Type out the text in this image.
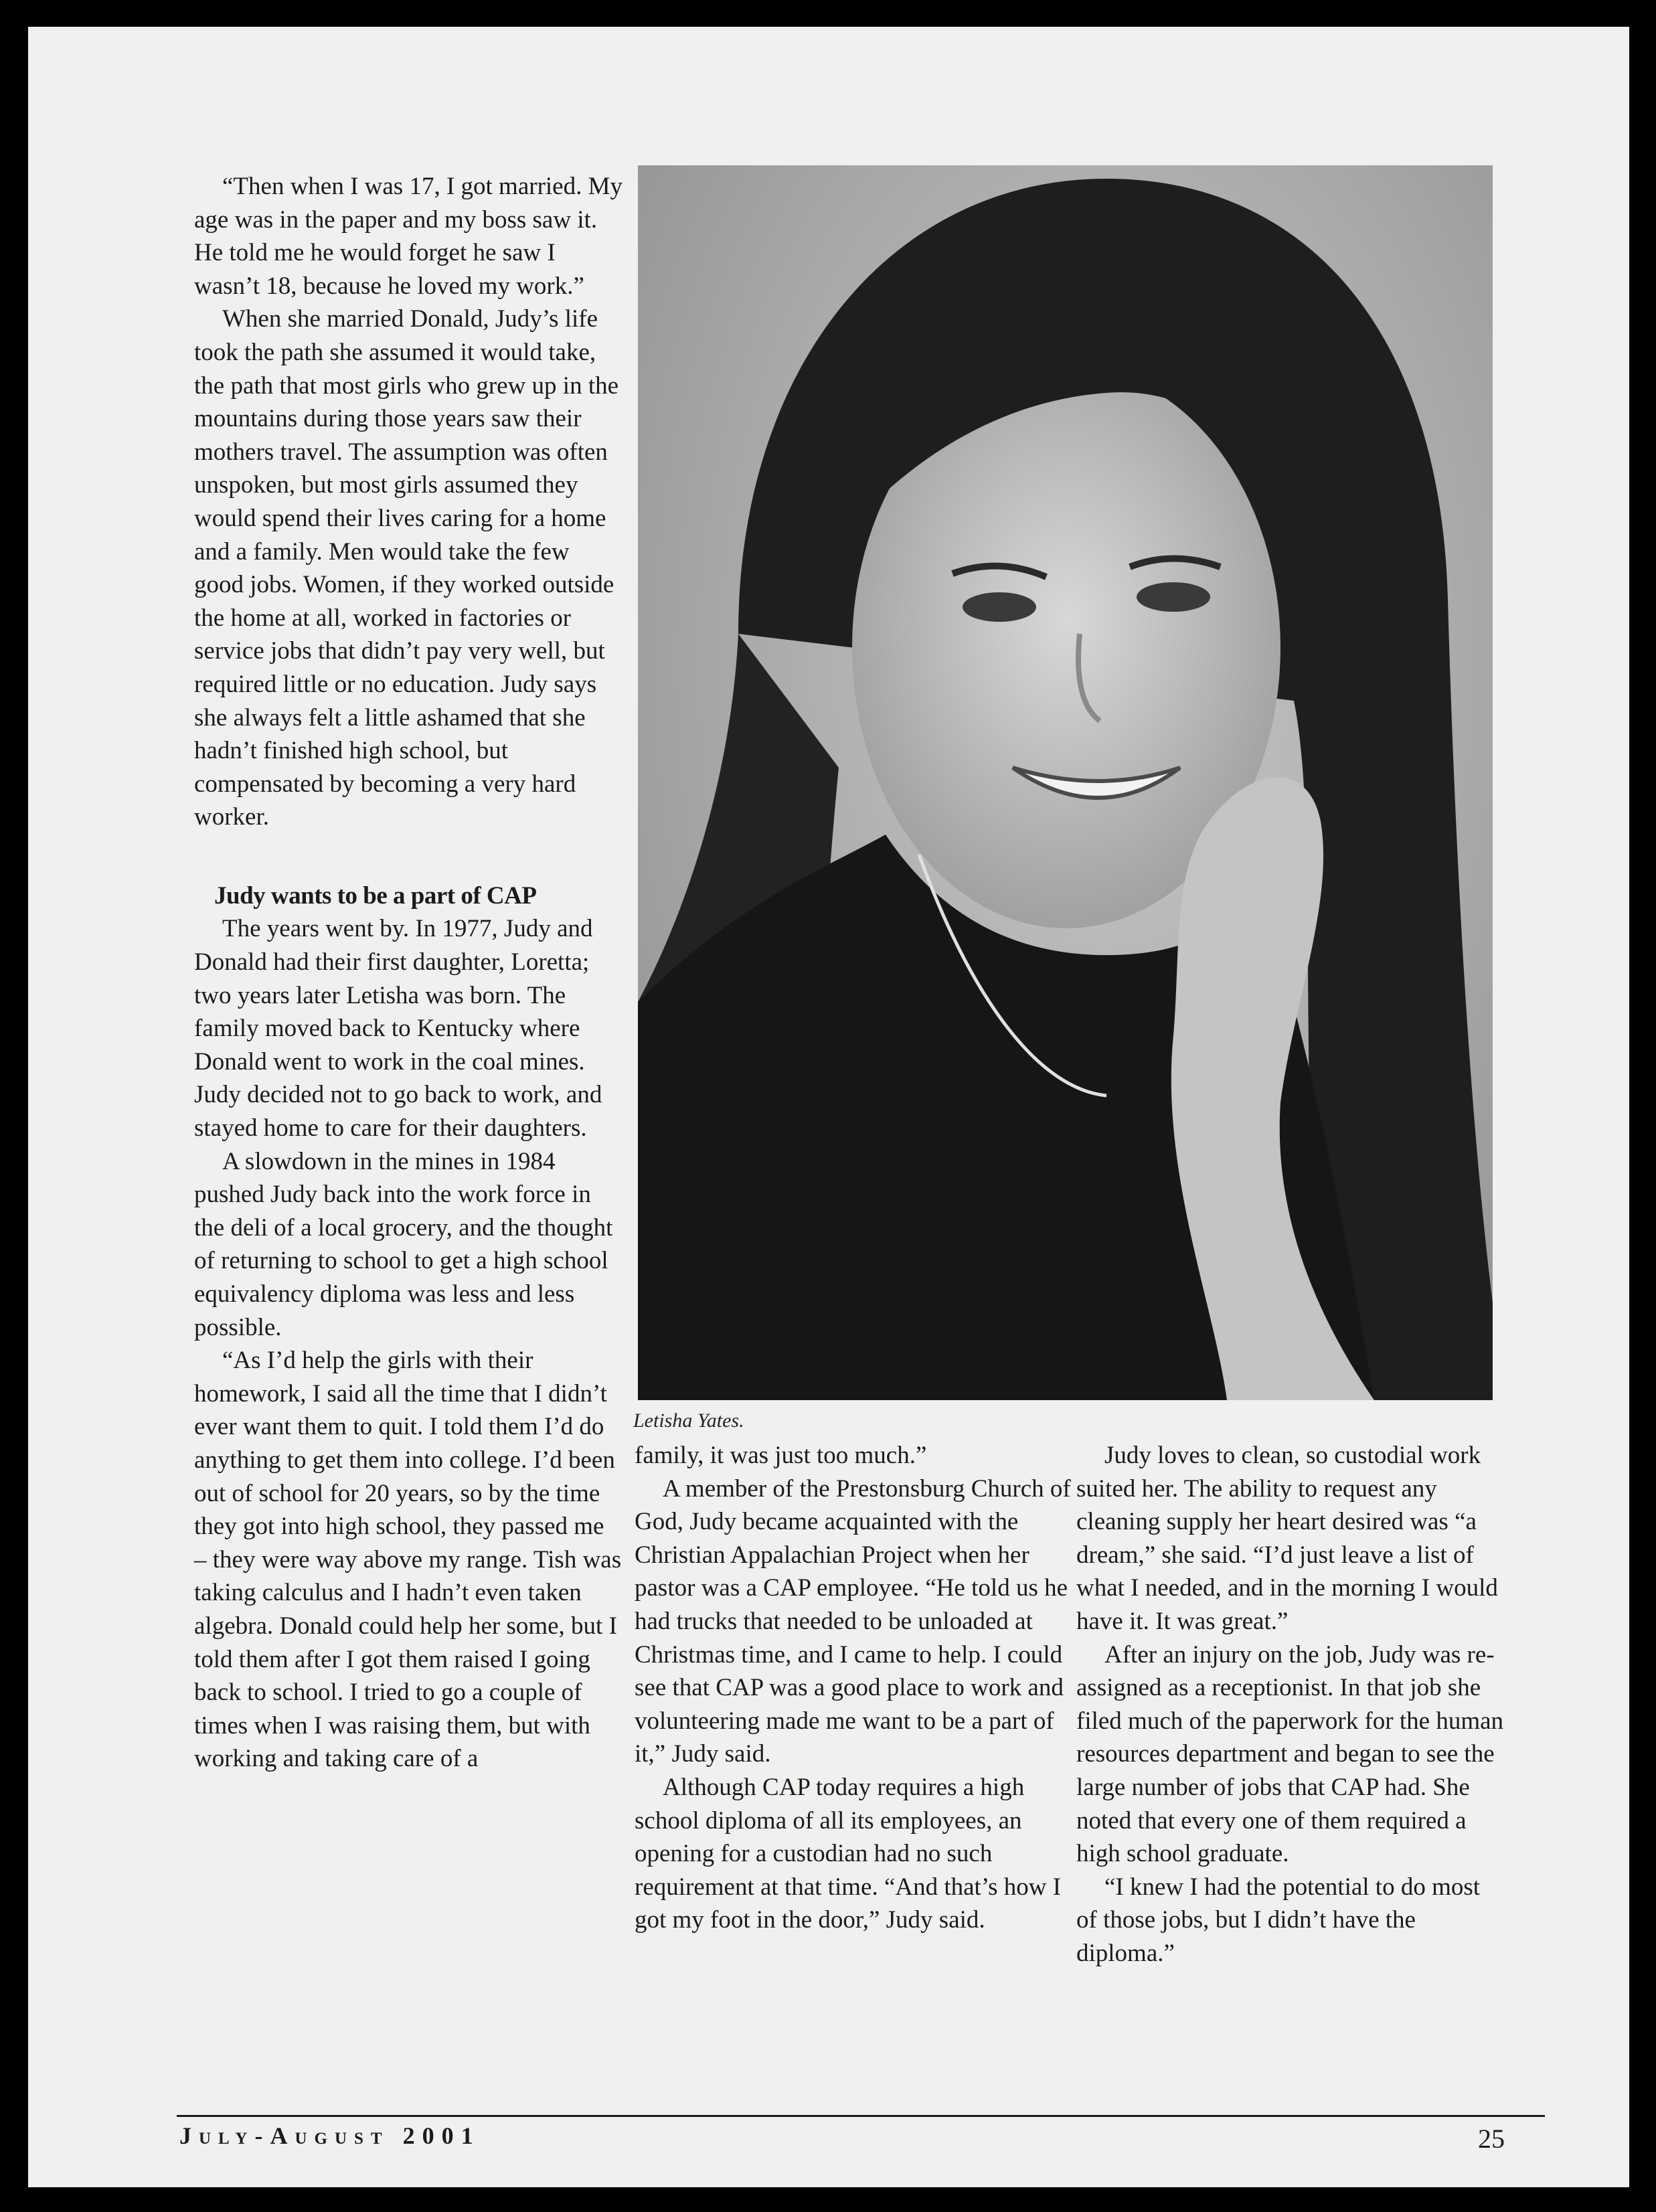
“Then when I was 17, I got married. My age was in the paper and my boss saw it. He told me he would forget he saw I wasn’t 18, because he loved my work.”

When she married Donald, Judy’s life took the path she assumed it would take, the path that most girls who grew up in the mountains during those years saw their mothers travel. The assumption was often unspoken, but most girls assumed they would spend their lives caring for a home and a family. Men would take the few good jobs. Women, if they worked outside the home at all, worked in factories or service jobs that didn’t pay very well, but required little or no education. Judy says she always felt a little ashamed that she hadn’t finished high school, but compensated by becoming a very hard worker.

Judy wants to be a part of CAP

The years went by. In 1977, Judy and Donald had their first daughter, Loretta; two years later Letisha was born. The family moved back to Kentucky where Donald went to work in the coal mines. Judy decided not to go back to work, and stayed home to care for their daughters.

A slowdown in the mines in 1984 pushed Judy back into the work force in the deli of a local grocery, and the thought of returning to school to get a high school equivalency diploma was less and less possible.

“As I’d help the girls with their homework, I said all the time that I didn’t ever want them to quit. I told them I’d do anything to get them into college. I’d been out of school for 20 years, so by the time they got into high school, they passed me – they were way above my range. Tish was taking calculus and I hadn’t even taken algebra. Donald could help her some, but I told them after I got them raised I going back to school. I tried to go a couple of times when I was raising them, but with working and taking care of a

Letisha Yates.

family, it was just too much.”

A member of the Prestonsburg Church of God, Judy became acquainted with the Christian Appalachian Project when her pastor was a CAP employee. “He told us he had trucks that needed to be unloaded at Christmas time, and I came to help. I could see that CAP was a good place to work and volunteering made me want to be a part of it,” Judy said.

Although CAP today requires a high school diploma of all its employees, an opening for a custodian had no such requirement at that time. “And that’s how I got my foot in the door,” Judy said.

Judy loves to clean, so custodial work suited her. The ability to request any cleaning supply her heart desired was “a dream,” she said. “I’d just leave a list of what I needed, and in the morning I would have it. It was great.”

After an injury on the job, Judy was re-assigned as a receptionist. In that job she filed much of the paperwork for the human resources department and began to see the large number of jobs that CAP had. She noted that every one of them required a high school graduate.

“I knew I had the potential to do most of those jobs, but I didn’t have the diploma.”

July-August 2001	25
